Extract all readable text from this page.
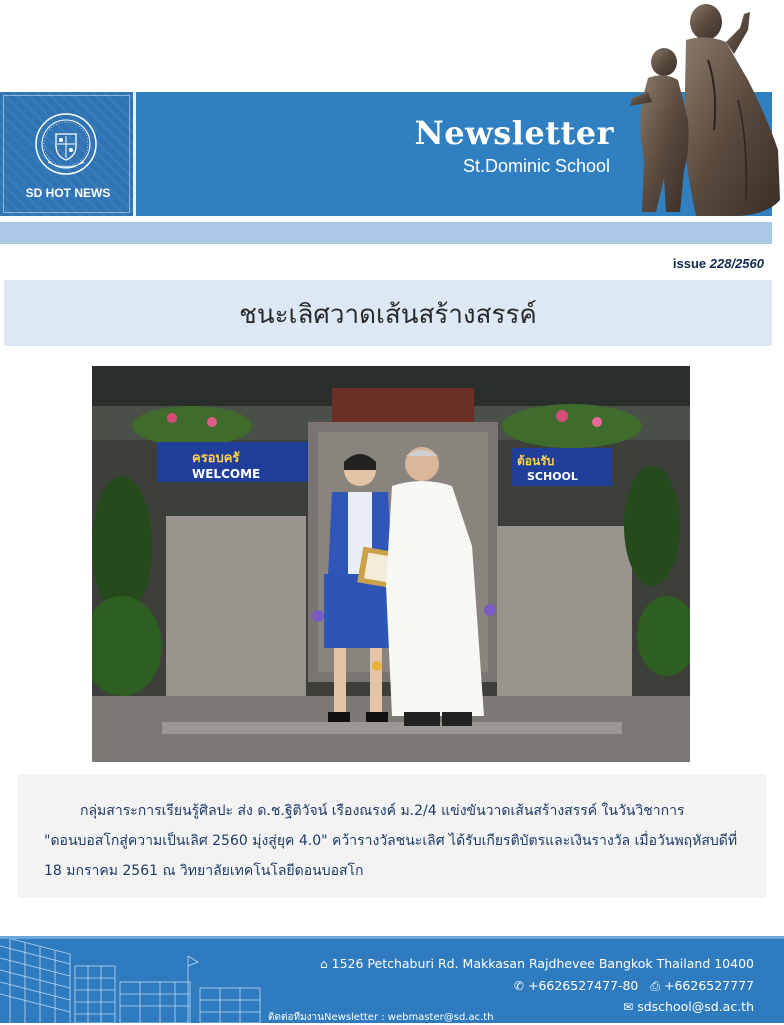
SD HOT NEWS
Newsletter
St.Dominic School
issue 228/2560
ชนะเลิศวาดเส้นสร้างสรรค์
ครอบครั
WELCOME
ต้อนรับ
SCHOOL
กลุ่มสาระการเรียนรู้ศิลปะ ส่ง ด.ช.ฐิติวัจน์ เรืองณรงค์ ม.2/4 แข่งขันวาดเส้นสร้างสรรค์ ในวันวิชาการ
"ดอนบอสโกสู่ความเป็นเลิศ 2560 มุ่งสู่ยุค 4.0" คว้ารางวัลชนะเลิศ ได้รับเกียรติบัตรและเงินรางวัล เมื่อวันพฤหัสบดีที่
18 มกราคม 2561 ณ วิทยาลัยเทคโนโลยีดอนบอสโก
⌂ 1526 Petchaburi Rd. Makkasan Rajdhevee Bangkok Thailand 10400
✆ +6626527477-80 ⎙ +6626527777
✉ sdschool@sd.ac.th
ติดต่อทีมงานNewsletter : webmaster@sd.ac.th
